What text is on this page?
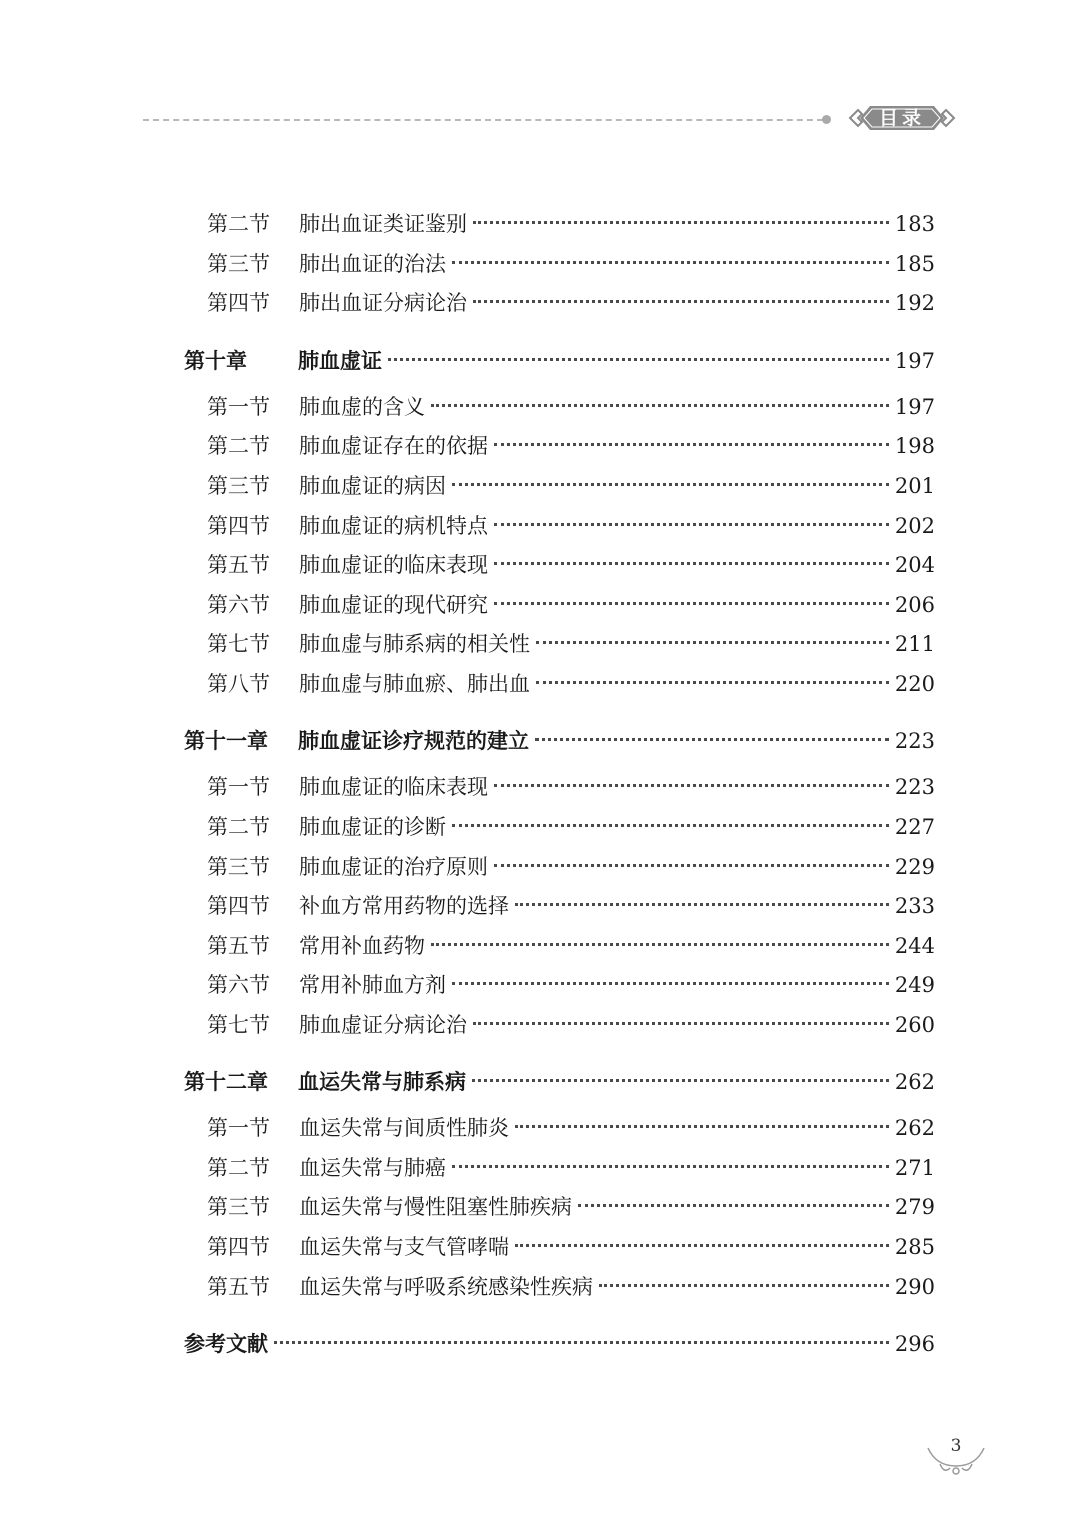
目录
第二节	肺出血证类证鉴别	183
第三节	肺出血证的治法	185
第四节	肺出血证分病论治	192
第十章	肺血虚证	197
第一节	肺血虚的含义	197
第二节	肺血虚证存在的依据	198
第三节	肺血虚证的病因	201
第四节	肺血虚证的病机特点	202
第五节	肺血虚证的临床表现	204
第六节	肺血虚证的现代研究	206
第七节	肺血虚与肺系病的相关性	211
第八节	肺血虚与肺血瘀、肺出血	220
第十一章	肺血虚证诊疗规范的建立	223
第一节	肺血虚证的临床表现	223
第二节	肺血虚证的诊断	227
第三节	肺血虚证的治疗原则	229
第四节	补血方常用药物的选择	233
第五节	常用补血药物	244
第六节	常用补肺血方剂	249
第七节	肺血虚证分病论治	260
第十二章	血运失常与肺系病	262
第一节	血运失常与间质性肺炎	262
第二节	血运失常与肺癌	271
第三节	血运失常与慢性阻塞性肺疾病	279
第四节	血运失常与支气管哮喘	285
第五节	血运失常与呼吸系统感染性疾病	290
参考文献	296
3
